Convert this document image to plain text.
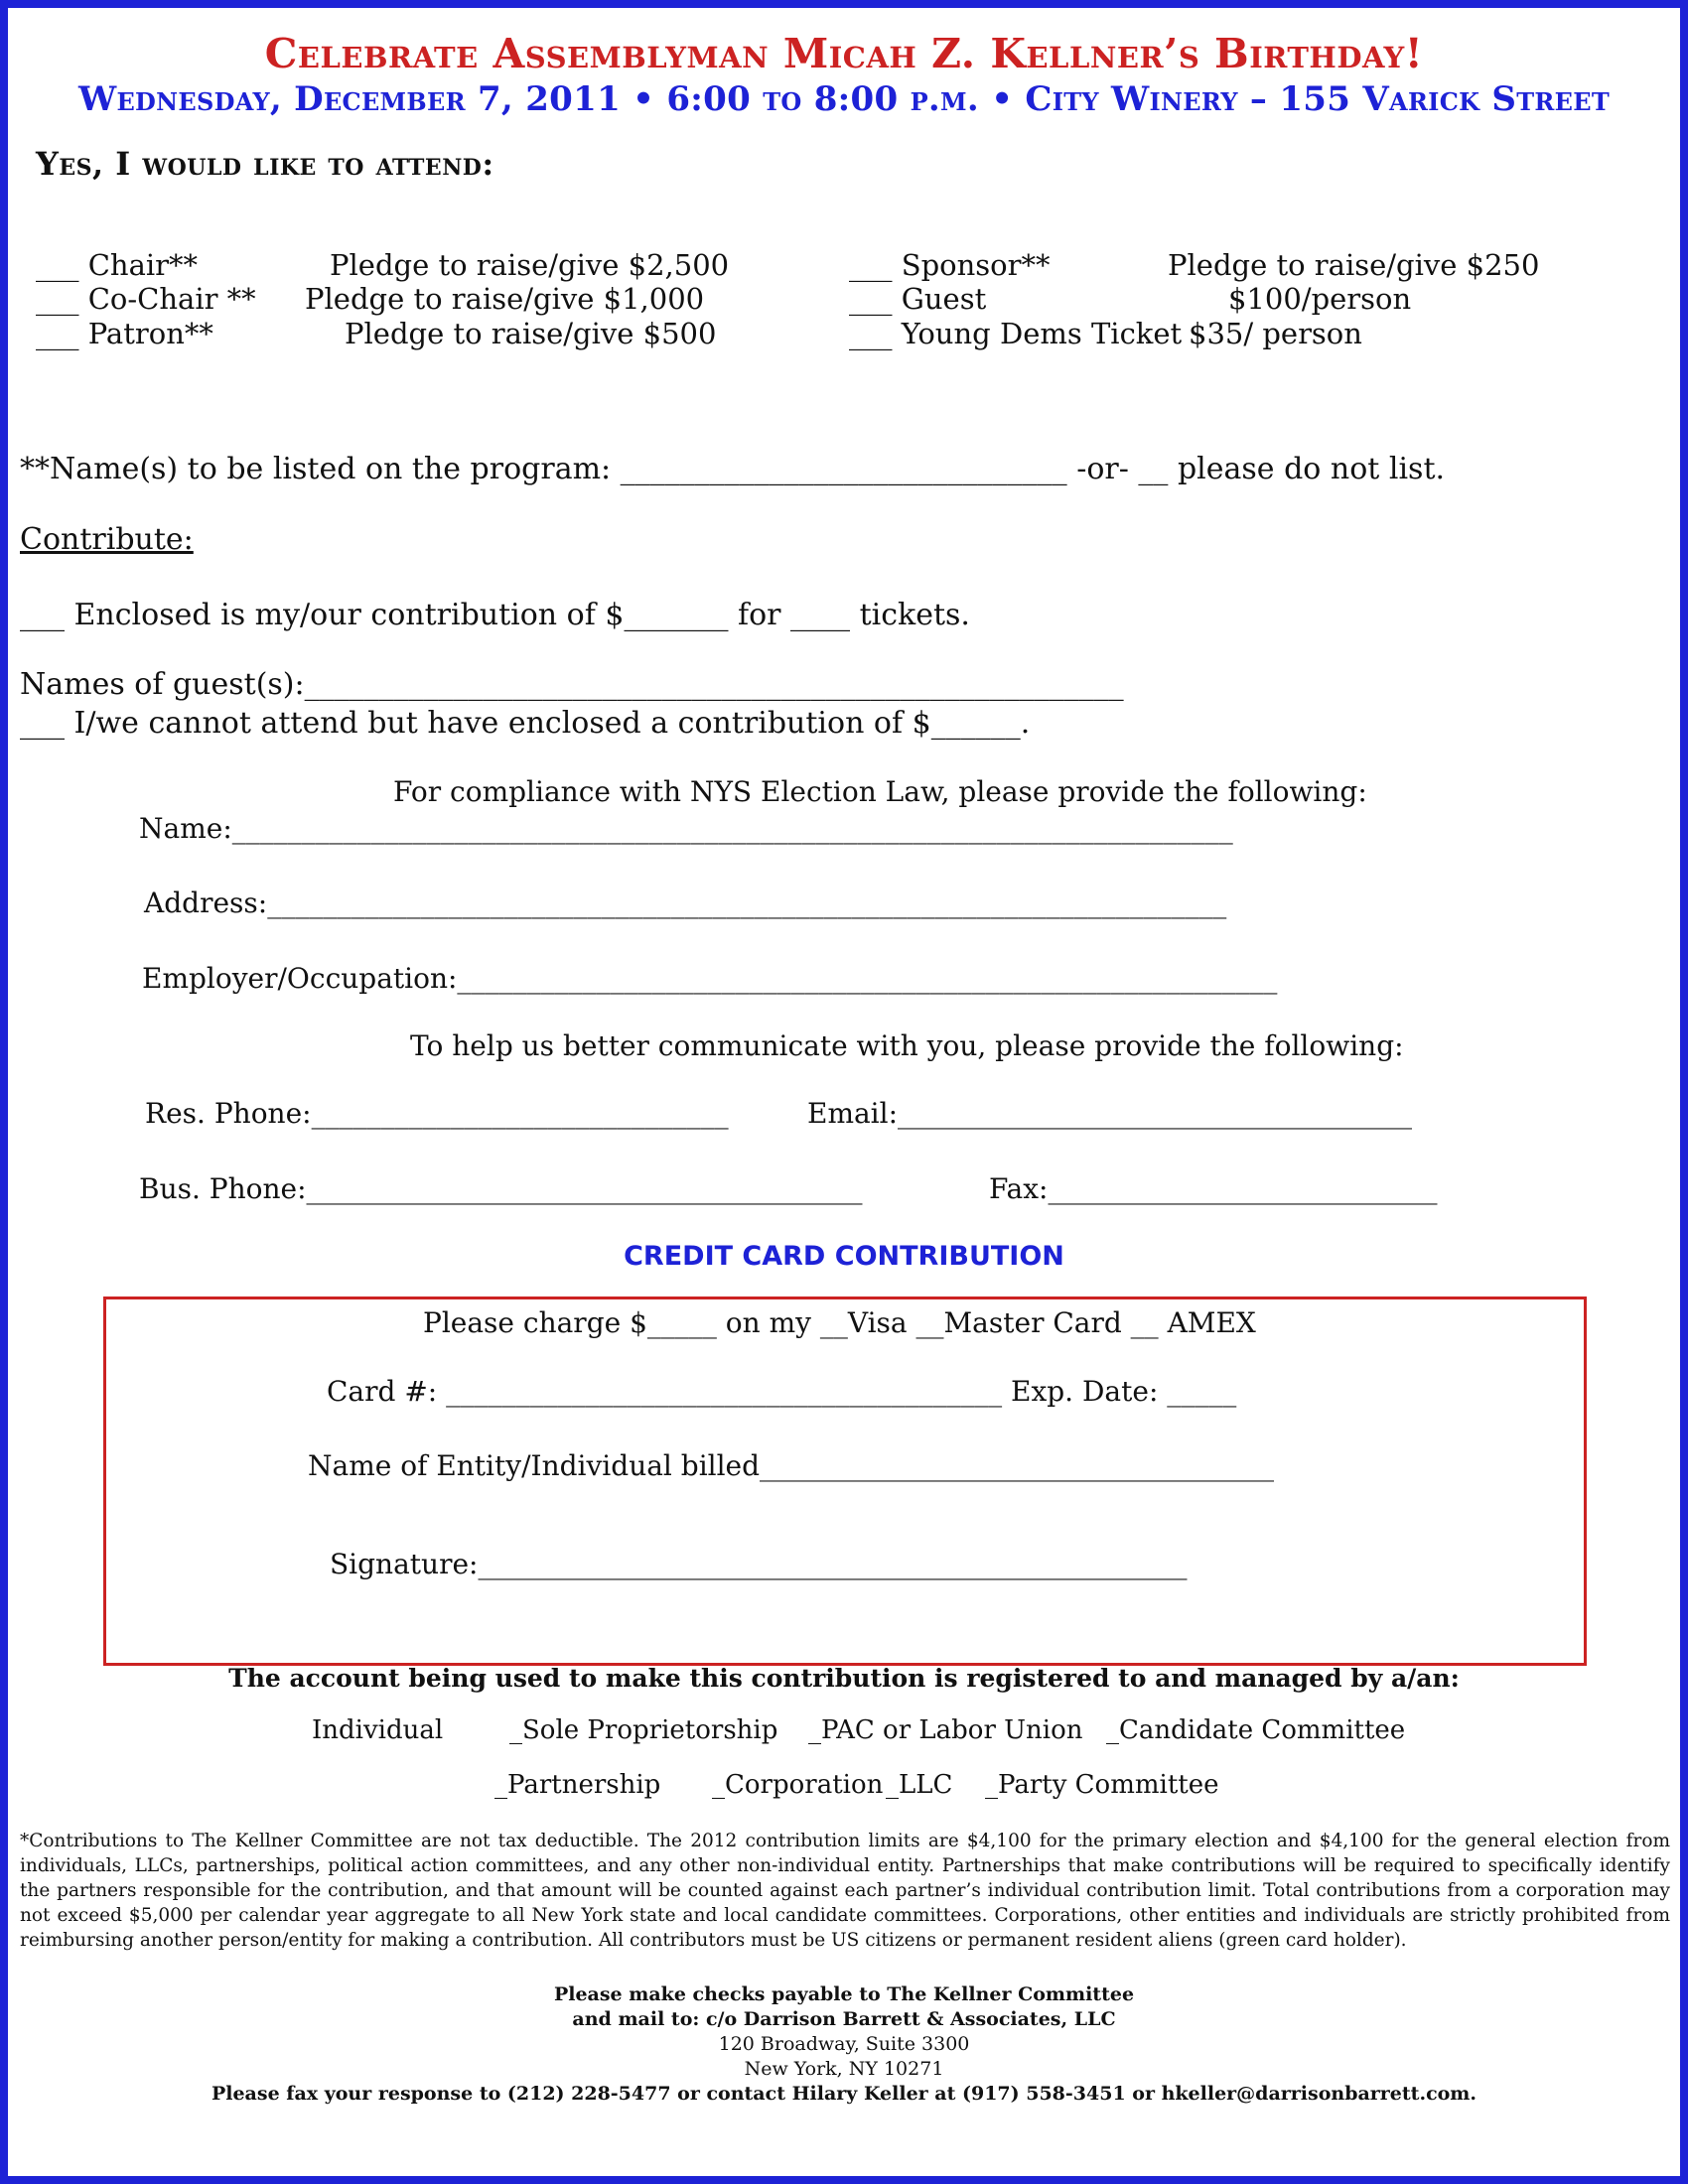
Celebrate Assemblyman Micah Z. Kellner’s Birthday!
Wednesday, December 7, 2011 • 6:00 to 8:00 p.m. • City Winery – 155 Varick Street
Yes, I would like to attend:
___ Chair**	Pledge to raise/give $2,500
___ Co-Chair ** Pledge to raise/give $1,000
___ Patron**	Pledge to raise/give $500
___ Sponsor**	Pledge to raise/give $250
___ Guest	$100/person
___ Young Dems Ticket $35/ person
**Name(s) to be listed on the program: ______________________________ -or- __ please do not list.
Contribute:
___ Enclosed is my/our contribution of $_______ for ____ tickets.
Names of guest(s):_______________________________________________________
___ I/we cannot attend but have enclosed a contribution of $______.
For compliance with NYS Election Law, please provide the following:
Name:________________________________________________________________________
Address:_____________________________________________________________________
Employer/Occupation:___________________________________________________________
To help us better communicate with you, please provide the following:
Res. Phone:______________________________	Email:_____________________________________
Bus. Phone:________________________________________	Fax:____________________________
CREDIT CARD CONTRIBUTION
Please charge $_____ on my __Visa __Master Card __ AMEX
Card #: ________________________________________ Exp. Date: _____
Name of Entity/Individual billed_____________________________________
Signature:___________________________________________________
The account being used to make this contribution is registered to and managed by a/an:
Individual	_Sole Proprietorship _PAC or Labor Union _Candidate Committee
_Partnership _Corporation _LLC _Party Committee
*Contributions to The Kellner Committee are not tax deductible. The 2012 contribution limits are $4,100 for the primary election and $4,100 for the general election from individuals, LLCs, partnerships, political action committees, and any other non-individual entity. Partnerships that make contributions will be required to specifically identify the partners responsible for the contribution, and that amount will be counted against each partner’s individual contribution limit. Total contributions from a corporation may not exceed $5,000 per calendar year aggregate to all New York state and local candidate committees. Corporations, other entities and individuals are strictly prohibited from reimbursing another person/entity for making a contribution. All contributors must be US citizens or permanent resident aliens (green card holder).
Please make checks payable to The Kellner Committee
and mail to: c/o Darrison Barrett & Associates, LLC
120 Broadway, Suite 3300
New York, NY 10271
Please fax your response to (212) 228-5477 or contact Hilary Keller at (917) 558-3451 or hkeller@darrisonbarrett.com.
